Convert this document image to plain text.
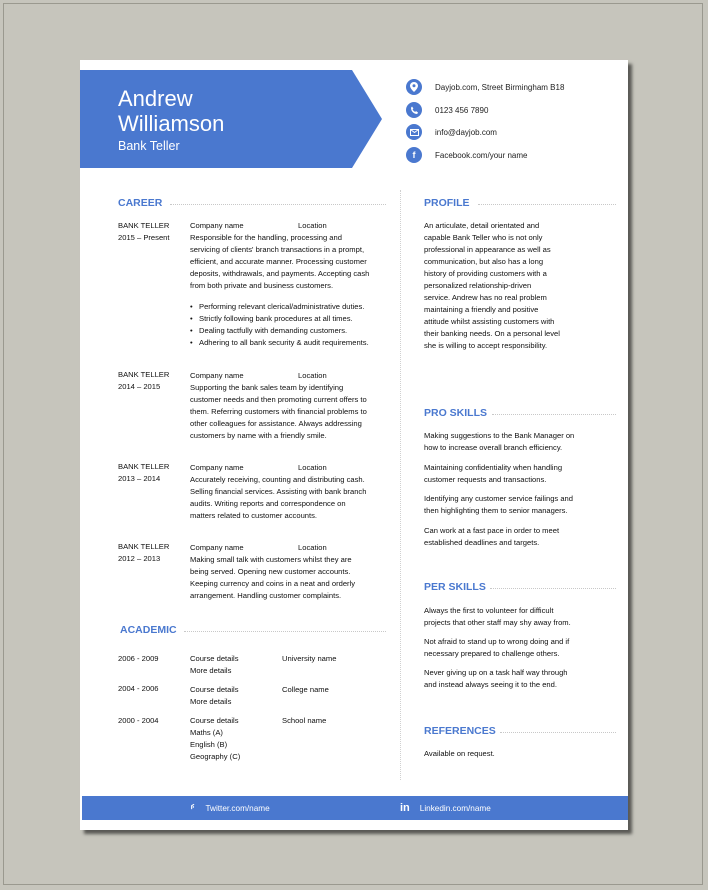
Andrew
Williamson
Bank Teller
Dayjob.com, Street Birmingham B18
0123 456 7890
info@dayjob.com
f	Facebook.com/your name
CAREER
BANK TELLER
2015 – Present
Company name	Location
Responsible for the handling, processing and
servicing of clients' branch transactions in a prompt,
efficient, and accurate manner. Processing customer
deposits, withdrawals, and payments. Accepting cash
from both private and business customers.
• Performing relevant clerical/administrative duties.
• Strictly following bank procedures at all times.
• Dealing tactfully with demanding customers.
• Adhering to all bank security & audit requirements.
BANK TELLER
2014 – 2015
Company name	Location
Supporting the bank sales team by identifying
customer needs and then promoting current offers to
them. Referring customers with financial problems to
other colleagues for assistance. Always addressing
customers by name with a friendly smile.
BANK TELLER
2013 – 2014
Company name	Location
Accurately receiving, counting and distributing cash.
Selling financial services. Assisting with bank branch
audits. Writing reports and correspondence on
matters related to customer accounts.
BANK TELLER
2012 – 2013
Company name	Location
Making small talk with customers whilst they are
being served. Opening new customer accounts.
Keeping currency and coins in a neat and orderly
arrangement. Handling customer complaints.
ACADEMIC
2006 - 2009	Course details	University name
More details
2004 - 2006	Course details	College name
More details
2000 - 2004	Course details	School name
Maths (A)
English (B)
Geography (C)
PROFILE
An articulate, detail orientated and
capable Bank Teller who is not only
professional in appearance as well as
communication, but also has a long
history of providing customers with a
personalized relationship-driven
service. Andrew has no real problem
maintaining a friendly and positive
attitude whilst assisting customers with
their banking needs. On a personal level
she is willing to accept responsibility.
PRO SKILLS
Making suggestions to the Bank Manager on
how to increase overall branch efficiency.
Maintaining confidentiality when handling
customer requests and transactions.
Identifying any customer service failings and
then highlighting them to senior managers.
Can work at a fast pace in order to meet
established deadlines and targets.
PER SKILLS
Always the first to volunteer for difficult
projects that other staff may shy away from.
Not afraid to stand up to wrong doing and if
necessary prepared to challenge others.
Never giving up on a task half way through
and instead always seeing it to the end.
REFERENCES
Available on request.
⸄ Twitter.com/name	in Linkedin.com/name
